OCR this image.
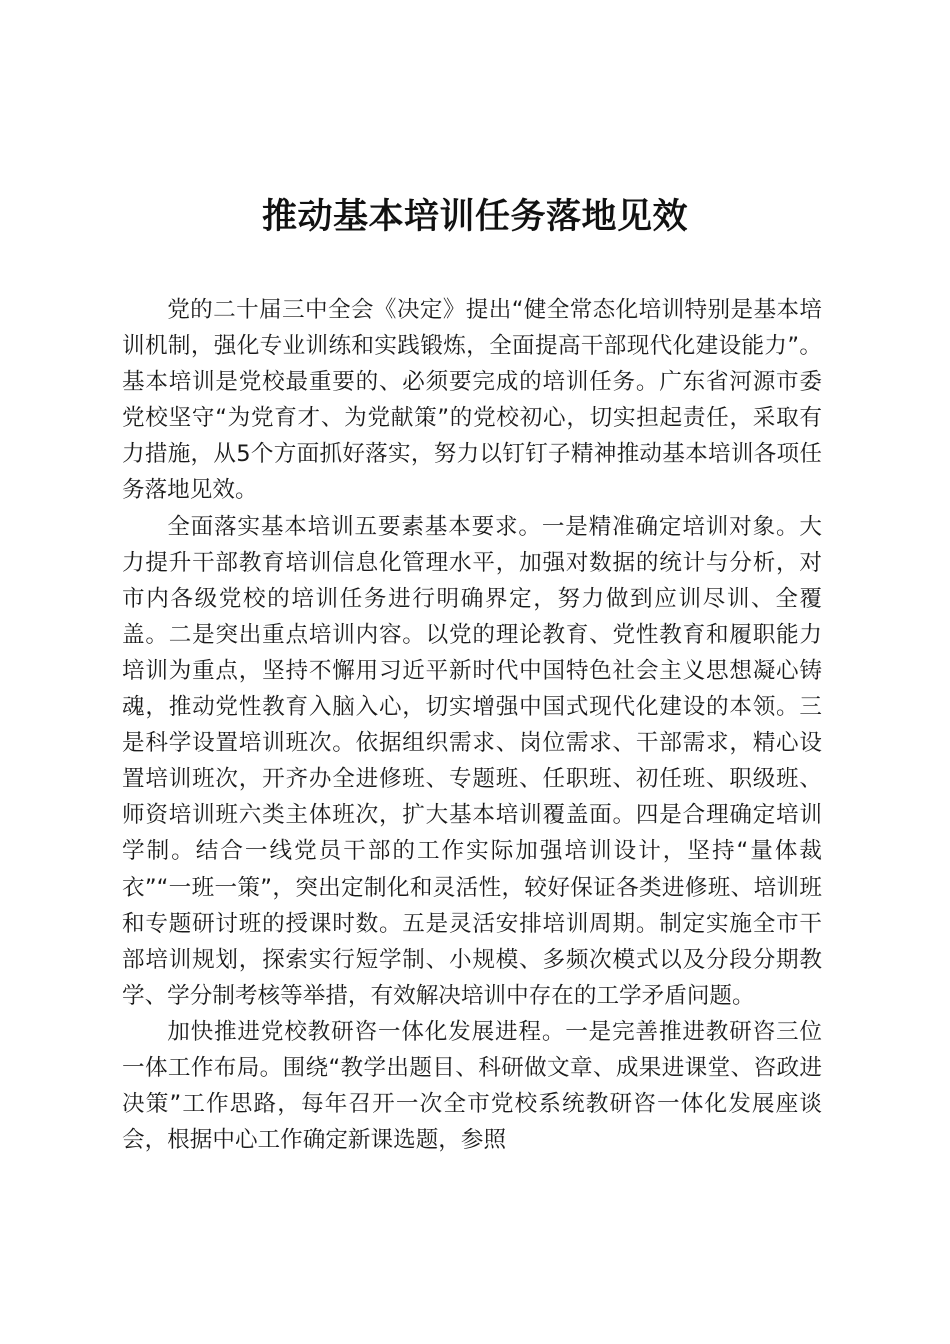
推动基本培训任务落地见效

党的二十届三中全会《决定》提出“健全常态化培训特别是基本培训机制，强化专业训练和实践锻炼，全面提高干部现代化建设能力”。基本培训是党校最重要的、必须要完成的培训任务。广东省河源市委党校坚守“为党育才、为党献策”的党校初心，切实担起责任，采取有力措施，从5个方面抓好落实，努力以钉钉子精神推动基本培训各项任务落地见效。

全面落实基本培训五要素基本要求。一是精准确定培训对象。大力提升干部教育培训信息化管理水平，加强对数据的统计与分析，对市内各级党校的培训任务进行明确界定，努力做到应训尽训、全覆盖。二是突出重点培训内容。以党的理论教育、党性教育和履职能力培训为重点，坚持不懈用习近平新时代中国特色社会主义思想凝心铸魂，推动党性教育入脑入心，切实增强中国式现代化建设的本领。三是科学设置培训班次。依据组织需求、岗位需求、干部需求，精心设置培训班次，开齐办全进修班、专题班、任职班、初任班、职级班、师资培训班六类主体班次，扩大基本培训覆盖面。四是合理确定培训学制。结合一线党员干部的工作实际加强培训设计，坚持“量体裁衣”“一班一策”，突出定制化和灵活性，较好保证各类进修班、培训班和专题研讨班的授课时数。五是灵活安排培训周期。制定实施全市干部培训规划，探索实行短学制、小规模、多频次模式以及分段分期教学、学分制考核等举措，有效解决培训中存在的工学矛盾问题。

加快推进党校教研咨一体化发展进程。一是完善推进教研咨三位一体工作布局。围绕“教学出题目、科研做文章、成果进课堂、咨政进决策”工作思路，每年召开一次全市党校系统教研咨一体化发展座谈会，根据中心工作确定新课选题，参照
